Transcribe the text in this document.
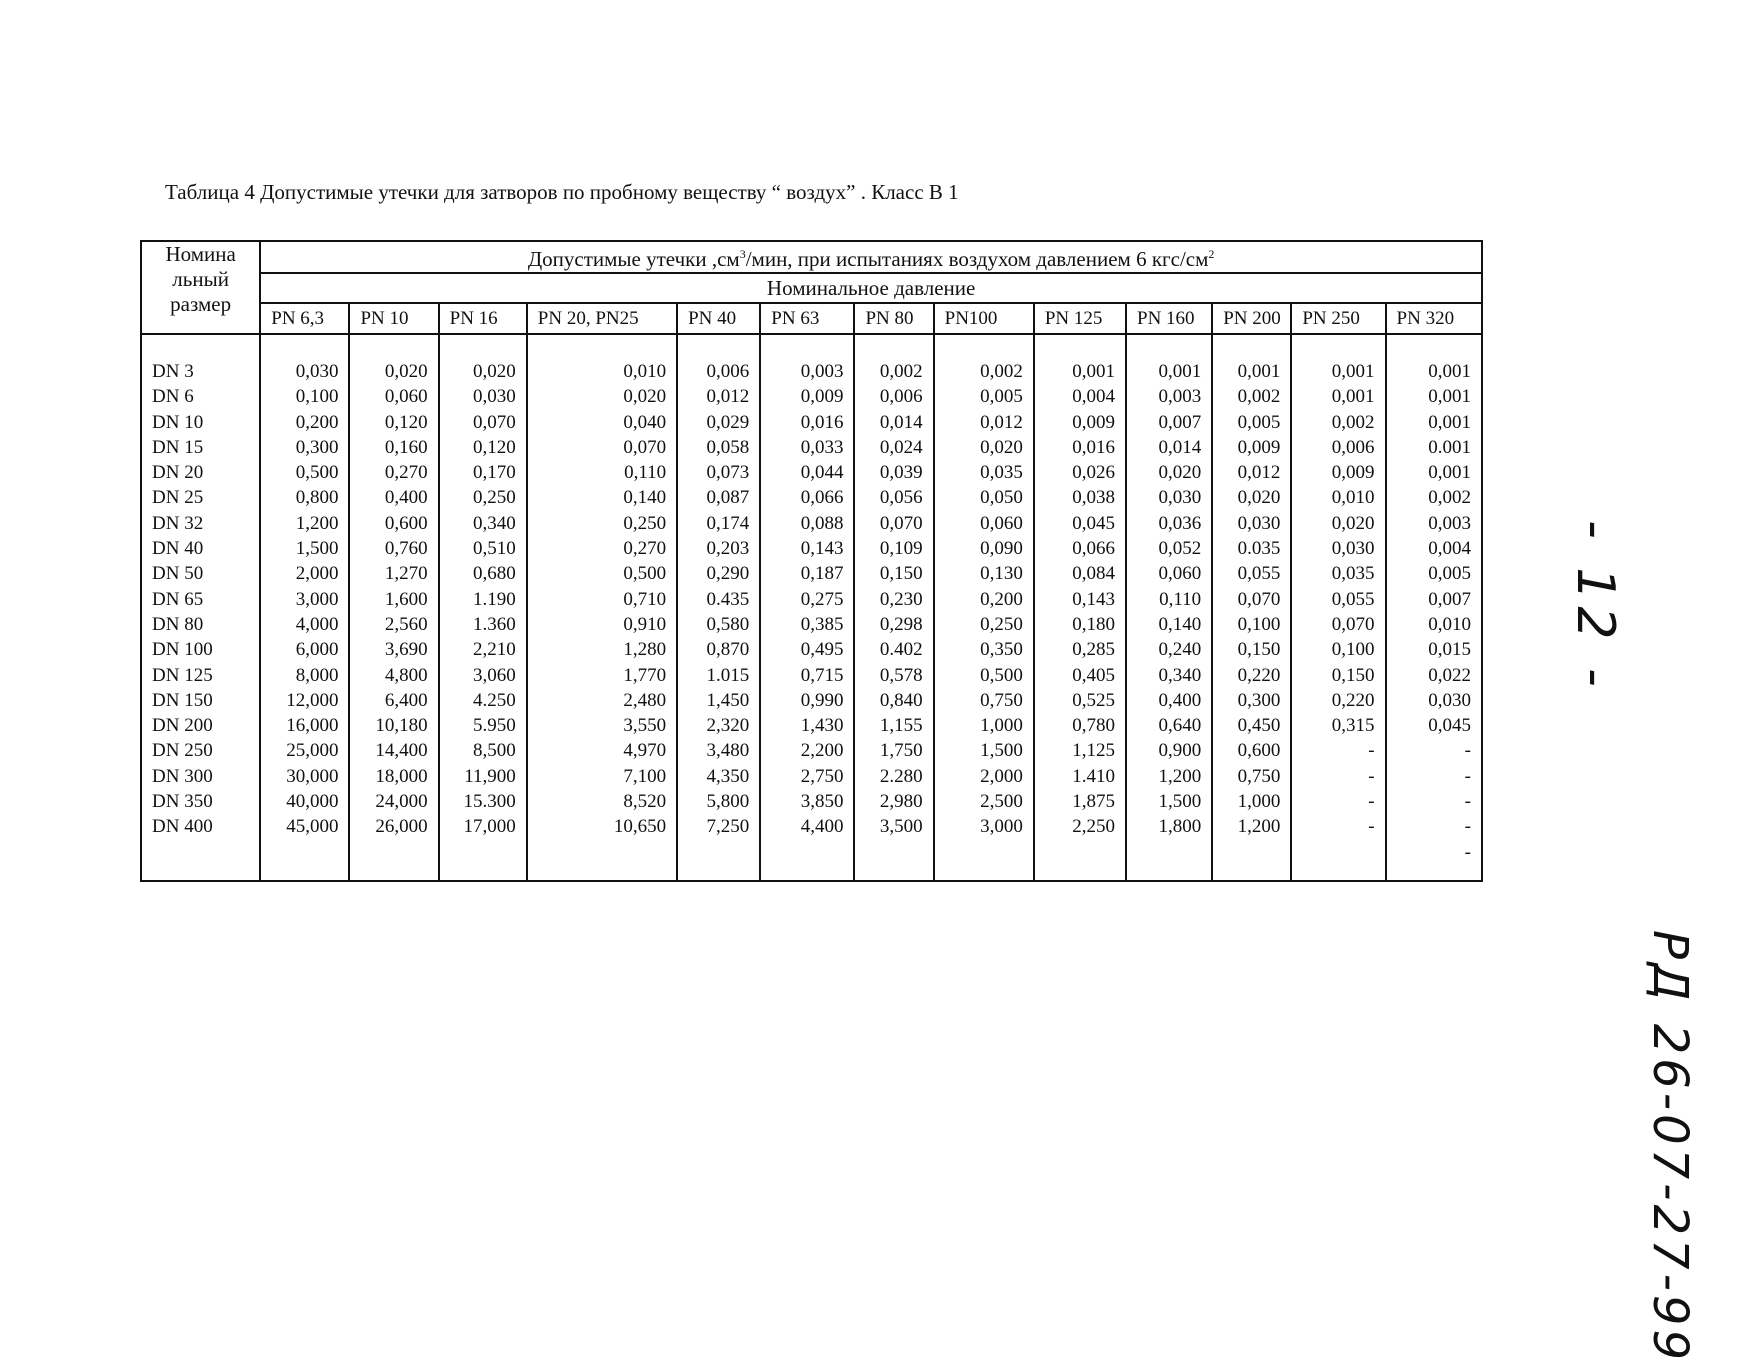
Таблица 4 Допустимые утечки для затворов по пробному веществу “ воздух” . Класс В 1
Номина
льный
размер	Допустимые утечки $,см^3$/мин, при испытаниях воздухом давлением 6 кгс/$см^2$
	Номинальное давление												
	PN 6,3	PN 10	PN 16	PN 20, PN25	PN 40	PN 63	PN 80	PN100	PN 125	PN 160	PN 200	PN 250	PN 320

DN 3	0,030	0,020	0,020	0,010	0,006	0,003	0,002	0,002	0,001	0,001	0,001	0,001	0,001
DN 6	0,100	0,060	0,030	0,020	0,012	0,009	0,006	0,005	0,004	0,003	0,002	0,001	0,001
DN 10	0,200	0,120	0,070	0,040	0,029	0,016	0,014	0,012	0,009	0,007	0,005	0,002	0,001
DN 15	0,300	0,160	0,120	0,070	0,058	0,033	0,024	0,020	0,016	0,014	0,009	0,006	0.001
DN 20	0,500	0,270	0,170	0,110	0,073	0,044	0,039	0,035	0,026	0,020	0,012	0,009	0,001
DN 25	0,800	0,400	0,250	0,140	0,087	0,066	0,056	0,050	0,038	0,030	0,020	0,010	0,002
DN 32	1,200	0,600	0,340	0,250	0,174	0,088	0,070	0,060	0,045	0,036	0,030	0,020	0,003
DN 40	1,500	0,760	0,510	0,270	0,203	0,143	0,109	0,090	0,066	0,052	0.035	0,030	0,004
DN 50	2,000	1,270	0,680	0,500	0,290	0,187	0,150	0,130	0,084	0,060	0,055	0,035	0,005
DN 65	3,000	1,600	1.190	0,710	0.435	0,275	0,230	0,200	0,143	0,110	0,070	0,055	0,007
DN 80	4,000	2,560	1.360	0,910	0,580	0,385	0,298	0,250	0,180	0,140	0,100	0,070	0,010
DN 100	6,000	3,690	2,210	1,280	0,870	0,495	0.402	0,350	0,285	0,240	0,150	0,100	0,015
DN 125	8,000	4,800	3,060	1,770	1.015	0,715	0,578	0,500	0,405	0,340	0,220	0,150	0,022
DN 150	12,000	6,400	4.250	2,480	1,450	0,990	0,840	0,750	0,525	0,400	0,300	0,220	0,030
DN 200	16,000	10,180	5.950	3,550	2,320	1,430	1,155	1,000	0,780	0,640	0,450	0,315	0,045
DN 250	25,000	14,400	8,500	4,970	3,480	2,200	1,750	1,500	1,125	0,900	0,600	-	-
DN 300	30,000	18,000	11,900	7,100	4,350	2,750	2.280	2,000	1.410	1,200	0,750	-	-
DN 350	40,000	24,000	15.300	8,520	5,800	3,850	2,980	2,500	1,875	1,500	1,000	-	-
DN 400	45,000	26,000	17,000	10,650	7,250	4,400	3,500	3,000	2,250	1,800	1,200	-	-
													-
- 12 -
РД 26-07-27-99
